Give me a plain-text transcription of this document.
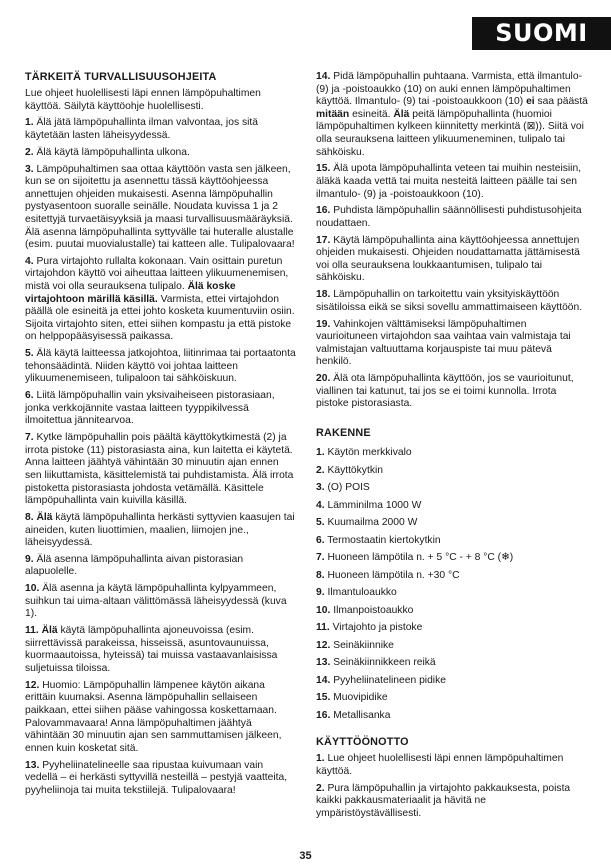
SUOMI
TÄRKEITÄ TURVALLISUUSOHJEITA

Lue ohjeet huolellisesti läpi ennen lämpöpuhaltimen käyttöä. Säilytä käyttöohje huolellisesti.

1. Älä jätä lämpöpuhallinta ilman valvontaa, jos sitä käytetään lasten läheisyydessä.

2. Älä käytä lämpöpuhallinta ulkona.

3. Lämpöpuhaltimen saa ottaa käyttöön vasta sen jälkeen, kun se on sijoitettu ja asennettu tässä käyttöohjeessa annettujen ohjeiden mukaisesti. Asenna lämpöpuhallin pystyasentoon suoralle seinälle. Noudata kuvissa 1 ja 2 esitettyjä turvaetäisyyksiä ja maasi turvallisuusmääräyksiä. Älä asenna lämpöpuhallinta syttyvälle tai huteralle alustalle (esim. puutai muovialustalle) tai katteen alle. Tulipalovaara!

4. Pura virtajohto rullalta kokonaan. Vain osittain puretun virtajohdon käyttö voi aiheuttaa laitteen ylikuumenemisen, mistä voi olla seurauksena tulipalo. Älä koske virtajohtoon märillä käsillä. Varmista, ettei virtajohdon päällä ole esineitä ja ettei johto kosketa kuumentuviin osiin. Sijoita virtajohto siten, ettei siihen kompastu ja että pistoke on helppopääsyisessä paikassa.

5. Älä käytä laitteessa jatkojohtoa, liitinrimaa tai portaatonta tehonsäädintä. Niiden käyttö voi johtaa laitteen ylikuumenemiseen, tulipaloon tai sähköiskuun.

6. Liitä lämpöpuhallin vain yksivaiheiseen pistorasiaan, jonka verkkojännite vastaa laitteen tyyppikilvessä ilmoitettua jännitearvoa.

7. Kytke lämpöpuhallin pois päältä käyttökytkimestä (2) ja irrota pistoke (11) pistorasiasta aina, kun laitetta ei käytetä. Anna laitteen jäähtyä vähintään 30 minuutin ajan ennen sen liikuttamista, käsittelemistä tai puhdistamista. Älä irrota pistoketta pistorasiasta johdosta vetämällä. Käsittele lämpöpuhallinta vain kuivilla käsillä.

8. Älä käytä lämpöpuhallinta herkästi syttyvien kaasujen tai aineiden, kuten liuottimien, maalien, liimojen jne., läheisyydessä.

9. Älä asenna lämpöpuhallinta aivan pistorasian alapuolelle.

10. Älä asenna ja käytä lämpöpuhallinta kylpyammeen, suihkun tai uima-altaan välittömässä läheisyydessä (kuva 1).

11. Älä käytä lämpöpuhallinta ajoneuvoissa (esim. siirrettävissä parakeissa, hisseissä, asuntovaunuissa, kuormaautoissa, hyteissä) tai muissa vastaavanlaisissa suljetuissa tiloissa.

12. Huomio: Lämpöpuhallin lämpenee käytön aikana erittäin kuumaksi. Asenna lämpöpuhallin sellaiseen paikkaan, ettei siihen pääse vahingossa koskettamaan. Palovammavaara! Anna lämpöpuhaltimen jäähtyä vähintään 30 minuutin ajan sen sammuttamisen jälkeen, ennen kuin kosketat sitä.

13. Pyyheliinatelineelle saa ripustaa kuivumaan vain vedellä – ei herkästi syttyvillä nesteillä – pestyjä vaatteita, pyyheliinoja tai muita tekstiilejä. Tulipalovaara!

14. Pidä lämpöpuhallin puhtaana. Varmista, että ilmantulo- (9) ja -poistoaukko (10) on auki ennen lämpöpuhaltimen käyttöä. Ilmantulo- (9) tai -poistoaukkoon (10) ei saa päästä mitään esineitä. Älä peitä lämpöpuhallinta (huomioi lämpöpuhaltimen kylkeen kiinnitetty merkintä (⊠)). Siitä voi olla seurauksena laitteen ylikuumeneminen, tulipalo tai sähköisku.

15. Älä upota lämpöpuhallinta veteen tai muihin nesteisiin, äläkä kaada vettä tai muita nesteitä laitteen päälle tai sen ilmantulo- (9) ja -poistoaukkoon (10).

16. Puhdista lämpöpuhallin säännöllisesti puhdistusohjeita noudattaen.

17. Käytä lämpöpuhallinta aina käyttöohjeessa annettujen ohjeiden mukaisesti. Ohjeiden noudattamatta jättämisestä voi olla seurauksena loukkaantumisen, tulipalo tai sähköisku.

18. Lämpöpuhallin on tarkoitettu vain yksityiskäyttöön sisätiloissa eikä se siksi sovellu ammattimaiseen käyttöön.

19. Vahinkojen välttämiseksi lämpöpuhaltimen vaurioituneen virtajohdon saa vaihtaa vain valmistaja tai valmistajan valtuuttama korjauspiste tai muu pätevä henkilö.

20. Älä ota lämpöpuhallinta käyttöön, jos se vaurioitunut, viallinen tai katunut, tai jos se ei toimi kunnolla. Irrota pistoke pistorasiasta.

RAKENNE

1. Käytön merkkivalo

2. Käyttökytkin

3. (O) POIS

4. Lämminilma 1000 W

5. Kuumailma 2000 W

6. Termostaatin kiertokytkin

7. Huoneen lämpötila n. + 5 °C - + 8 °C (❄)

8. Huoneen lämpötila n. +30 °C

9. Ilmantuloaukko

10. Ilmanpoistoaukko

11. Virtajohto ja pistoke

12. Seinäkiinnike

13. Seinäkiinnikkeen reikä

14. Pyyheliinatelineen pidike

15. Muovipidike

16. Metallisanka

KÄYTTÖÖNOTTO

1. Lue ohjeet huolellisesti läpi ennen lämpöpuhaltimen käyttöä.

2. Pura lämpöpuhallin ja virtajohto pakkauksesta, poista kaikki pakkausmateriaalit ja hävitä ne ympäristöystävällisesti.

35
